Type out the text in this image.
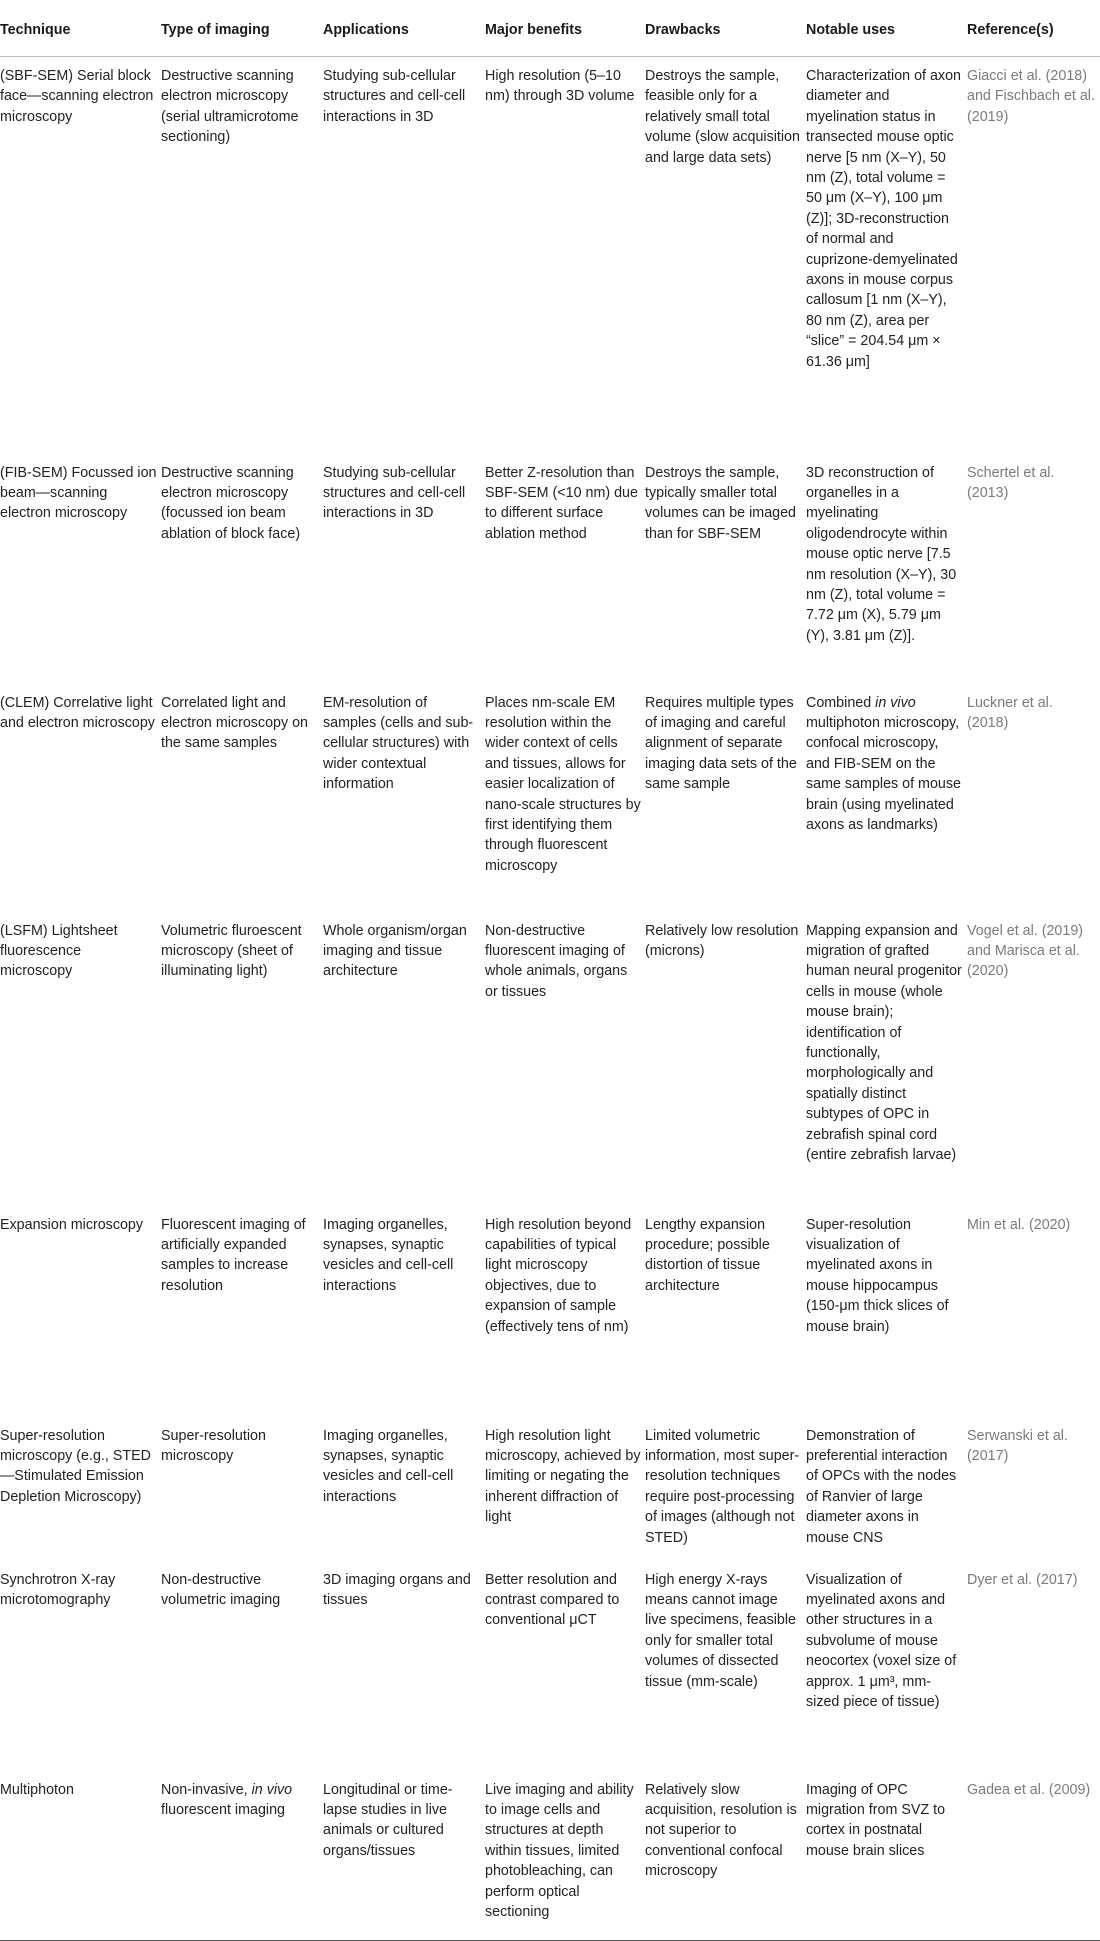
Technique	Type of imaging	Applications	Major benefits	Drawbacks	Notable uses	Reference(s)
(SBF-SEM) Serial block face—scanning electron microscopy	Destructive scanning electron microscopy (serial ultramicrotome sectioning)	Studying sub-cellular structures and cell-cell interactions in 3D	High resolution (5–10 nm) through 3D volume	Destroys the sample, feasible only for a relatively small total volume (slow acquisition and large data sets)	Characterization of axon diameter and myelination status in transected mouse optic nerve [5 nm (X–Y), 50 nm (Z), total volume = 50 μm (X–Y), 100 μm (Z)]; 3D-reconstruction of normal and cuprizone-demyelinated axons in mouse corpus callosum [1 nm (X–Y), 80 nm (Z), area per “slice” = 204.54 μm × 61.36 μm]	Giacci et al. (2018) and Fischbach et al. (2019)
(FIB-SEM) Focussed ion beam—scanning electron microscopy	Destructive scanning electron microscopy (focussed ion beam ablation of block face)	Studying sub-cellular structures and cell-cell interactions in 3D	Better Z-resolution than SBF-SEM (<10 nm) due to different surface ablation method	Destroys the sample, typically smaller total volumes can be imaged than for SBF-SEM	3D reconstruction of organelles in a myelinating oligodendrocyte within mouse optic nerve [7.5 nm resolution (X–Y), 30 nm (Z), total volume = 7.72 μm (X), 5.79 μm (Y), 3.81 μm (Z)].	Schertel et al. (2013)
(CLEM) Correlative light and electron microscopy	Correlated light and electron microscopy on the same samples	EM-resolution of samples (cells and sub-cellular structures) with wider contextual information	Places nm-scale EM resolution within the wider context of cells and tissues, allows for easier localization of nano-scale structures by first identifying them through fluorescent microscopy	Requires multiple types of imaging and careful alignment of separate imaging data sets of the same sample	Combined in vivo multiphoton microscopy, confocal microscopy, and FIB-SEM on the same samples of mouse brain (using myelinated axons as landmarks)	Luckner et al. (2018)
(LSFM) Lightsheet fluorescence microscopy	Volumetric fluroescent microscopy (sheet of illuminating light)	Whole organism/organ imaging and tissue architecture	Non-destructive fluorescent imaging of whole animals, organs or tissues	Relatively low resolution (microns)	Mapping expansion and migration of grafted human neural progenitor cells in mouse (whole mouse brain); identification of functionally, morphologically and spatially distinct subtypes of OPC in zebrafish spinal cord (entire zebrafish larvae)	Vogel et al. (2019) and Marisca et al. (2020)
Expansion microscopy	Fluorescent imaging of artificially expanded samples to increase resolution	Imaging organelles, synapses, synaptic vesicles and cell-cell interactions	High resolution beyond capabilities of typical light microscopy objectives, due to expansion of sample (effectively tens of nm)	Lengthy expansion procedure; possible distortion of tissue architecture	Super-resolution visualization of myelinated axons in mouse hippocampus (150-μm thick slices of mouse brain)	Min et al. (2020)
Super-resolution microscopy (e.g., STED—Stimulated Emission Depletion Microscopy)	Super-resolution microscopy	Imaging organelles, synapses, synaptic vesicles and cell-cell interactions	High resolution light microscopy, achieved by limiting or negating the inherent diffraction of light	Limited volumetric information, most super-resolution techniques require post-processing of images (although not STED)	Demonstration of preferential interaction of OPCs with the nodes of Ranvier of large diameter axons in mouse CNS	Serwanski et al. (2017)
Synchrotron X-ray microtomography	Non-destructive volumetric imaging	3D imaging organs and tissues	Better resolution and contrast compared to conventional μCT	High energy X-rays means cannot image live specimens, feasible only for smaller total volumes of dissected tissue (mm-scale)	Visualization of myelinated axons and other structures in a subvolume of mouse neocortex (voxel size of approx. 1 μm³, mm-sized piece of tissue)	Dyer et al. (2017)
Multiphoton	Non-invasive, in vivo fluorescent imaging	Longitudinal or time-lapse studies in live animals or cultured organs/tissues	Live imaging and ability to image cells and structures at depth within tissues, limited photobleaching, can perform optical sectioning	Relatively slow acquisition, resolution is not superior to conventional confocal microscopy	Imaging of OPC migration from SVZ to cortex in postnatal mouse brain slices	Gadea et al. (2009)
